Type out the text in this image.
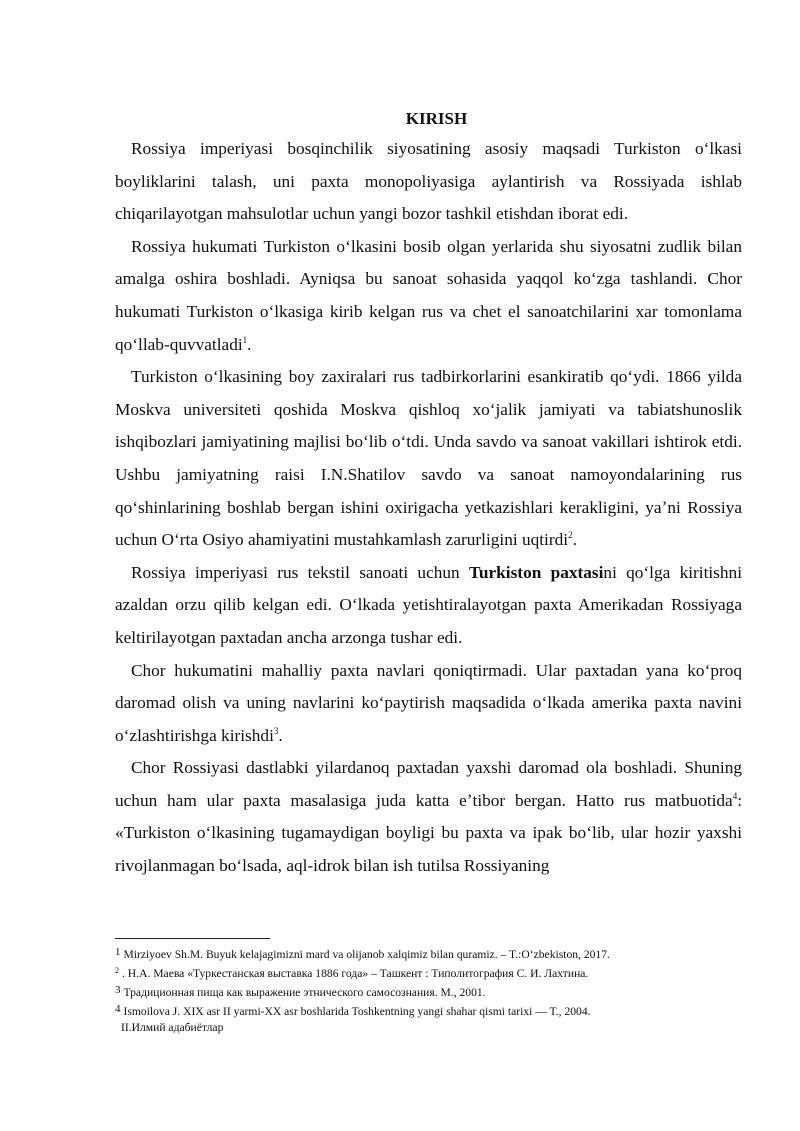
KIRISH

Rossiya imperiyasi bosqinchilik siyosatining asosiy maqsadi Turkiston oʻlkasi boyliklarini talash, uni paxta monopoliyasiga aylantirish va Rossiyada ishlab chiqarilayotgan mahsulotlar uchun yangi bozor tashkil etishdan iborat edi.

Rossiya hukumati Turkiston oʻlkasini bosib olgan yerlarida shu siyosatni zudlik bilan amalga oshira boshladi. Ayniqsa bu sanoat sohasida yaqqol koʻzga tashlandi. Chor hukumati Turkiston oʻlkasiga kirib kelgan rus va chet el sanoatchilarini xar tomonlama qoʻllab-quvvatladi$^1$.

Turkiston oʻlkasining boy zaxiralari rus tadbirkorlarini esankiratib qoʻydi. 1866 yilda Moskva universiteti qoshida Moskva qishloq xoʻjalik jamiyati va tabiatshunoslik ishqibozlari jamiyatining majlisi boʻlib oʻtdi. Unda savdo va sanoat vakillari ishtirok etdi. Ushbu jamiyatning raisi I.N.Shatilov savdo va sanoat namoyondalarining rus qoʻshinlarining boshlab bergan ishini oxirigacha yetkazishlari kerakligini, yaʼni Rossiya uchun Oʻrta Osiyo ahamiyatini mustahkamlash zarurligini uqtirdi$^2$.

Rossiya imperiyasi rus tekstil sanoati uchun Turkiston paxtasini qoʻlga kiritishni azaldan orzu qilib kelgan edi. Oʻlkada yetishtiralayotgan paxta Amerikadan Rossiyaga keltirilayotgan paxtadan ancha arzonga tushar edi.

Chor hukumatini mahalliy paxta navlari qoniqtirmadi. Ular paxtadan yana koʻproq daromad olish va uning navlarini koʻpaytirish maqsadida oʻlkada amerika paxta navini oʻzlashtirishga kirishdi$^3$.

Chor Rossiyasi dastlabki yilardanoq paxtadan yaxshi daromad ola boshladi. Shuning uchun ham ular paxta masalasiga juda katta eʼtibor bergan. Hatto rus matbuotida$^4$: «Turkiston oʻlkasining tugamaydigan boyligi bu paxta va ipak boʻlib, ular hozir yaxshi rivojlanmagan boʻlsada, aql-idrok bilan ish tutilsa Rossiyaning

1 Mirziyoev Sh.M. Buyuk kelajagimizni mard va olijanob xalqimiz bilan quramiz. – T.:Oʻzbekiston, 2017.

$^2$ . Н.А. Маева «Туркестанская выставка 1886 года» – Ташкент : Типолитография С. И. Лахтина.

3 Традиционная пища как выражение этнического самосознания. М., 2001.

4 Ismoilova J. XIX asr II yarmi-XX asr boshlarida Toshkentning yangi shahar qismi tarixi — T., 2004.

II.Илмий адабиётлар
